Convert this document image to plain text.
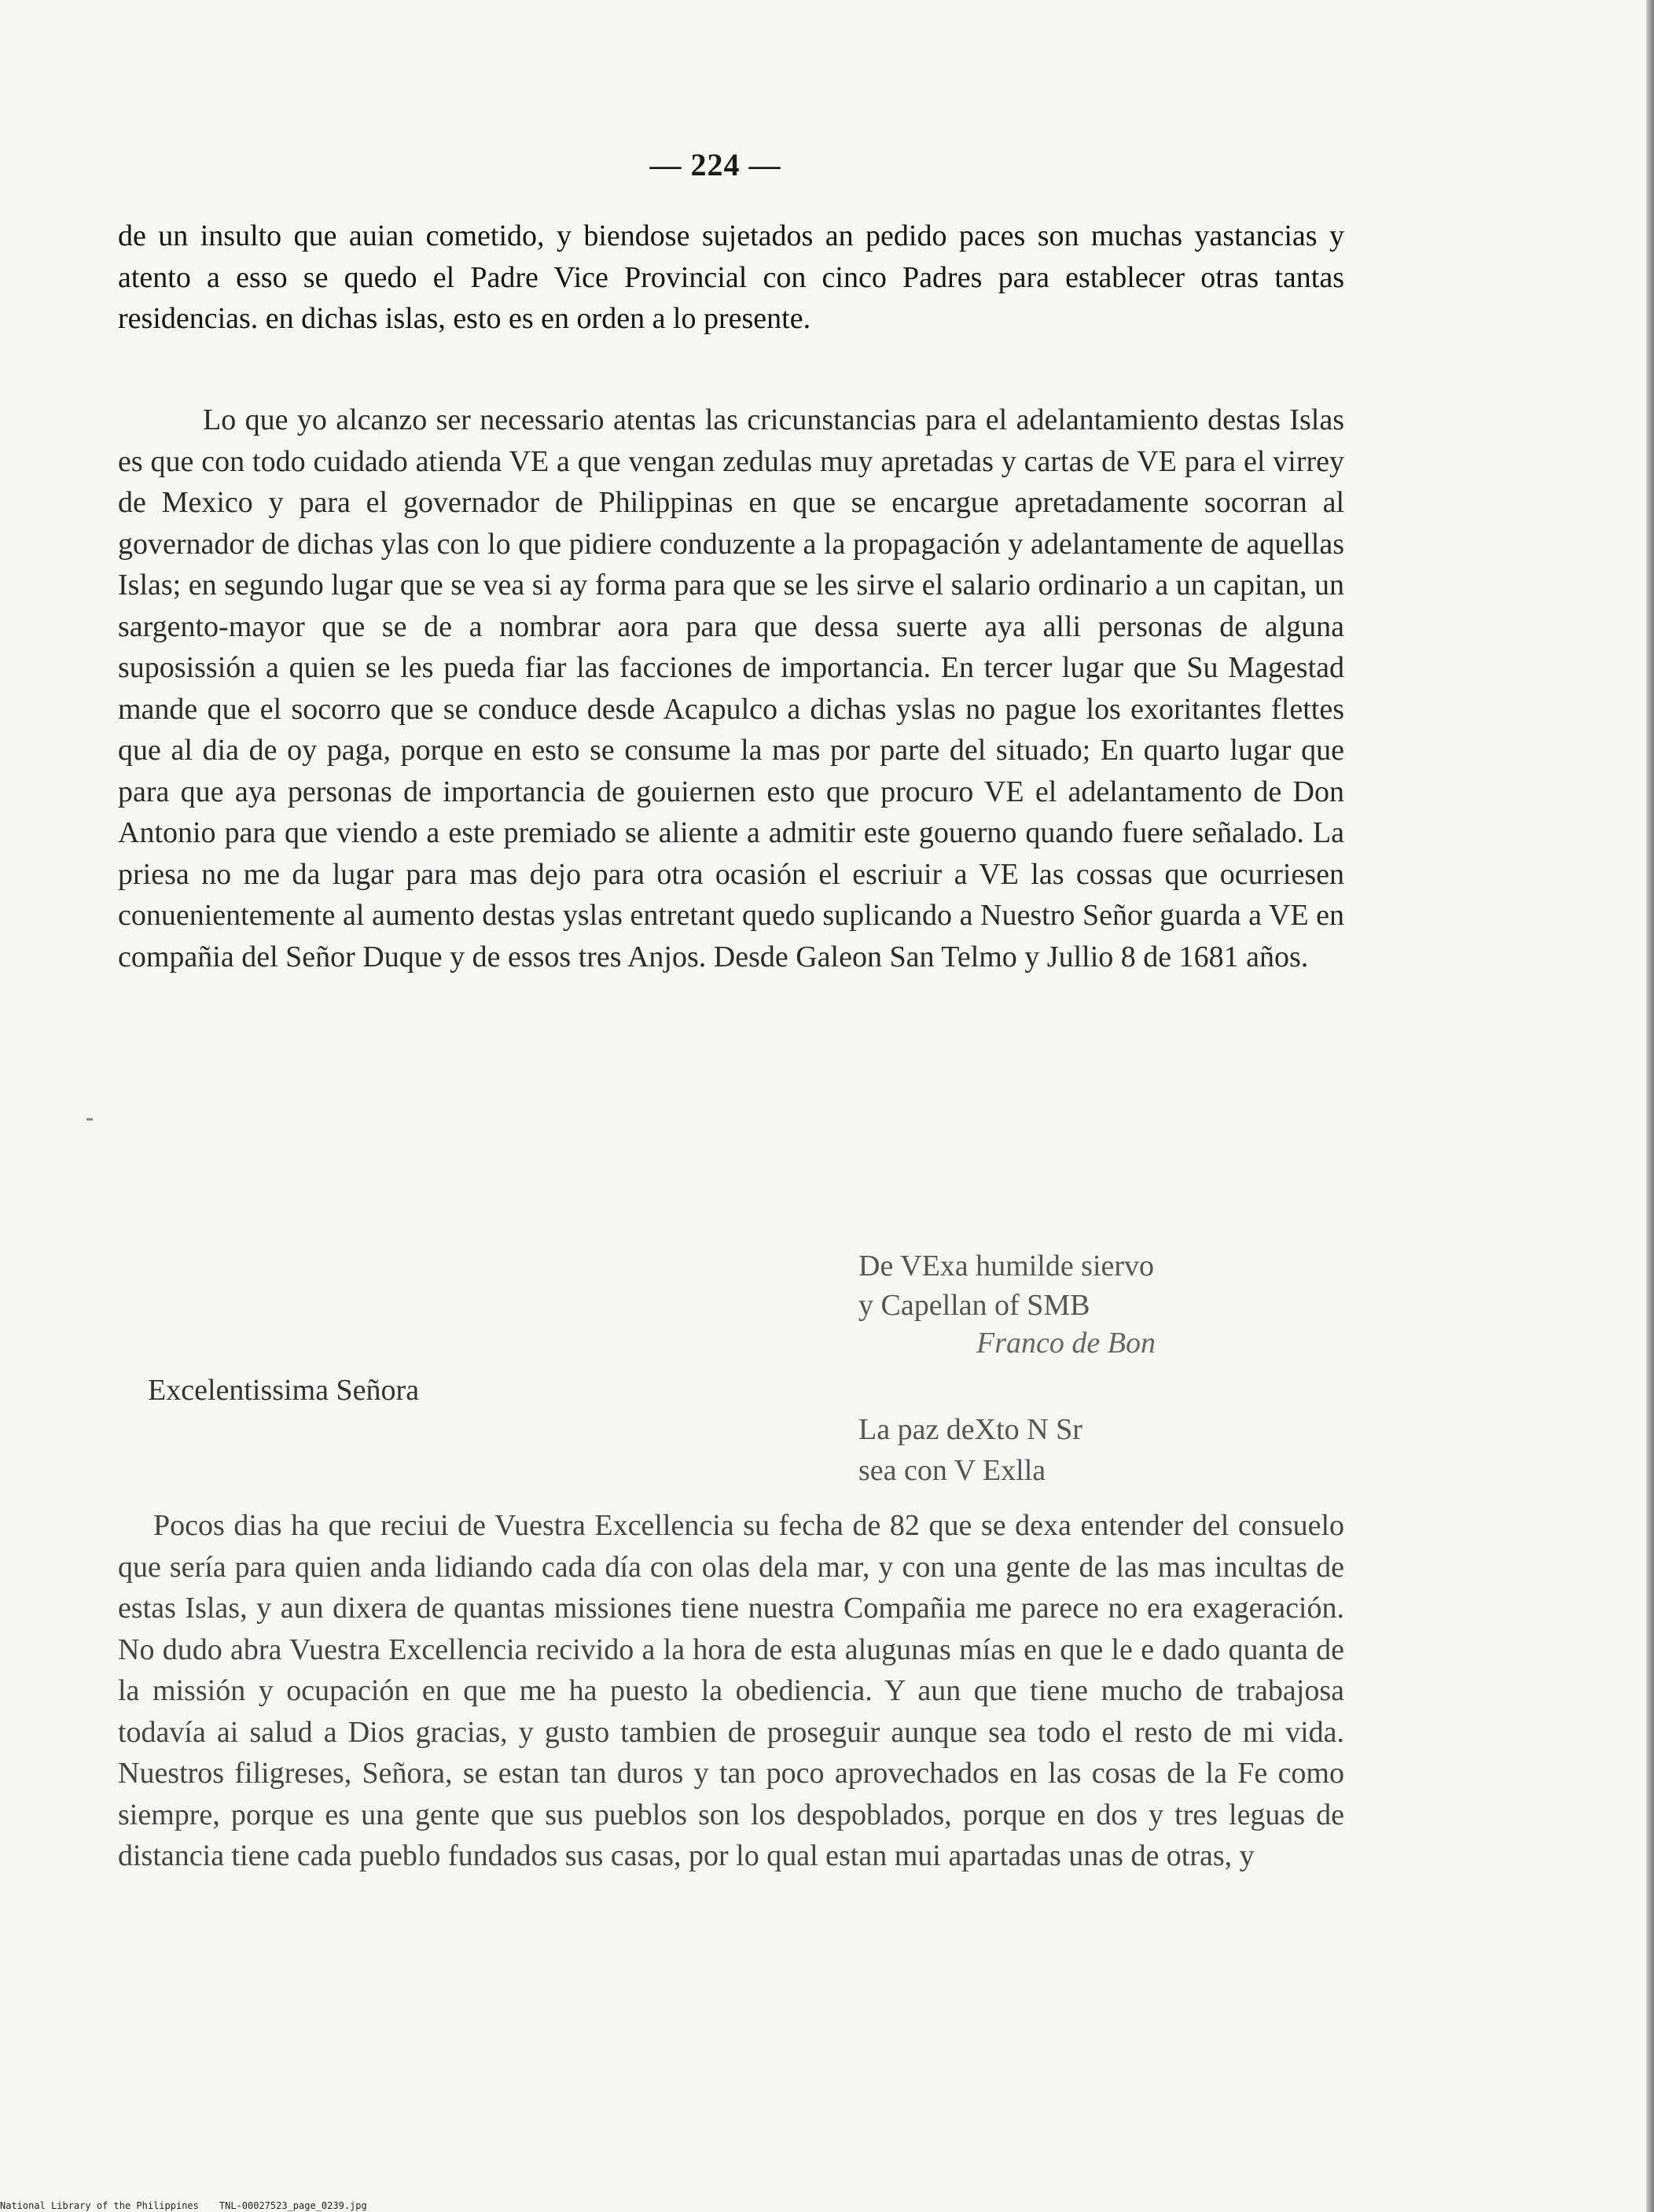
— 224 —

de un insulto que auian cometido, y biendose sujetados an pedido paces son muchas yastancias y atento a esso se quedo el Padre Vice Provincial con cinco Padres para establecer otras tantas residencias. en dichas islas, esto es en orden a lo presente.

Lo que yo alcanzo ser necessario atentas las cricunstancias para el adelantamiento destas Islas es que con todo cuidado atienda VE a que vengan zedulas muy apretadas y cartas de VE para el virrey de Mexico y para el governador de Philippinas en que se encargue apretadamente socorran al governador de dichas ylas con lo que pidiere conduzente a la propagación y adelantamente de aquellas Islas; en segundo lugar que se vea si ay forma para que se les sirve el salario ordinario a un capitan, un sargento-mayor que se de a nombrar aora para que dessa suerte aya alli personas de alguna suposissión a quien se les pueda fiar las facciones de importancia. En tercer lugar que Su Magestad mande que el socorro que se conduce desde Acapulco a dichas yslas no pague los exoritantes flettes que al dia de oy paga, porque en esto se consume la mas por parte del situado; En quarto lugar que para que aya personas de importancia de gouiernen esto que procuro VE el adelantamento de Don Antonio para que viendo a este premiado se aliente a admitir este gouerno quando fuere señalado. La priesa no me da lugar para mas dejo para otra ocasión el escriuir a VE las cossas que ocurriesen conuenientemente al aumento destas yslas entretant quedo suplicando a Nuestro Señor guarda a VE en compañia del Señor Duque y de essos tres Anjos. Desde Galeon San Telmo y Jullio 8 de 1681 años.

De VExa humilde siervo
y Capellan of SMB
Franco de Bon
Excelentissima Señora
La paz deXto N Sr
sea con V Exlla

Pocos dias ha que reciui de Vuestra Excellencia su fecha de 82 que se dexa entender del consuelo que sería para quien anda lidiando cada día con olas dela mar, y con una gente de las mas incultas de estas Islas, y aun dixera de quantas missiones tiene nuestra Compañia me parece no era exageración. No dudo abra Vuestra Excellencia recivido a la hora de esta alugunas mías en que le e dado quanta de la missión y ocupación en que me ha puesto la obediencia. Y aun que tiene mucho de trabajosa todavía ai salud a Dios gracias, y gusto tambien de proseguir aunque sea todo el resto de mi vida. Nuestros filigreses, Señora, se estan tan duros y tan poco aprovechados en las cosas de la Fe como siempre, porque es una gente que sus pueblos son los despoblados, porque en dos y tres leguas de distancia tiene cada pueblo fundados sus casas, por lo qual estan mui apartadas unas de otras, y

National Library of the Philippines TNL-00027523_page_0239.jpg
